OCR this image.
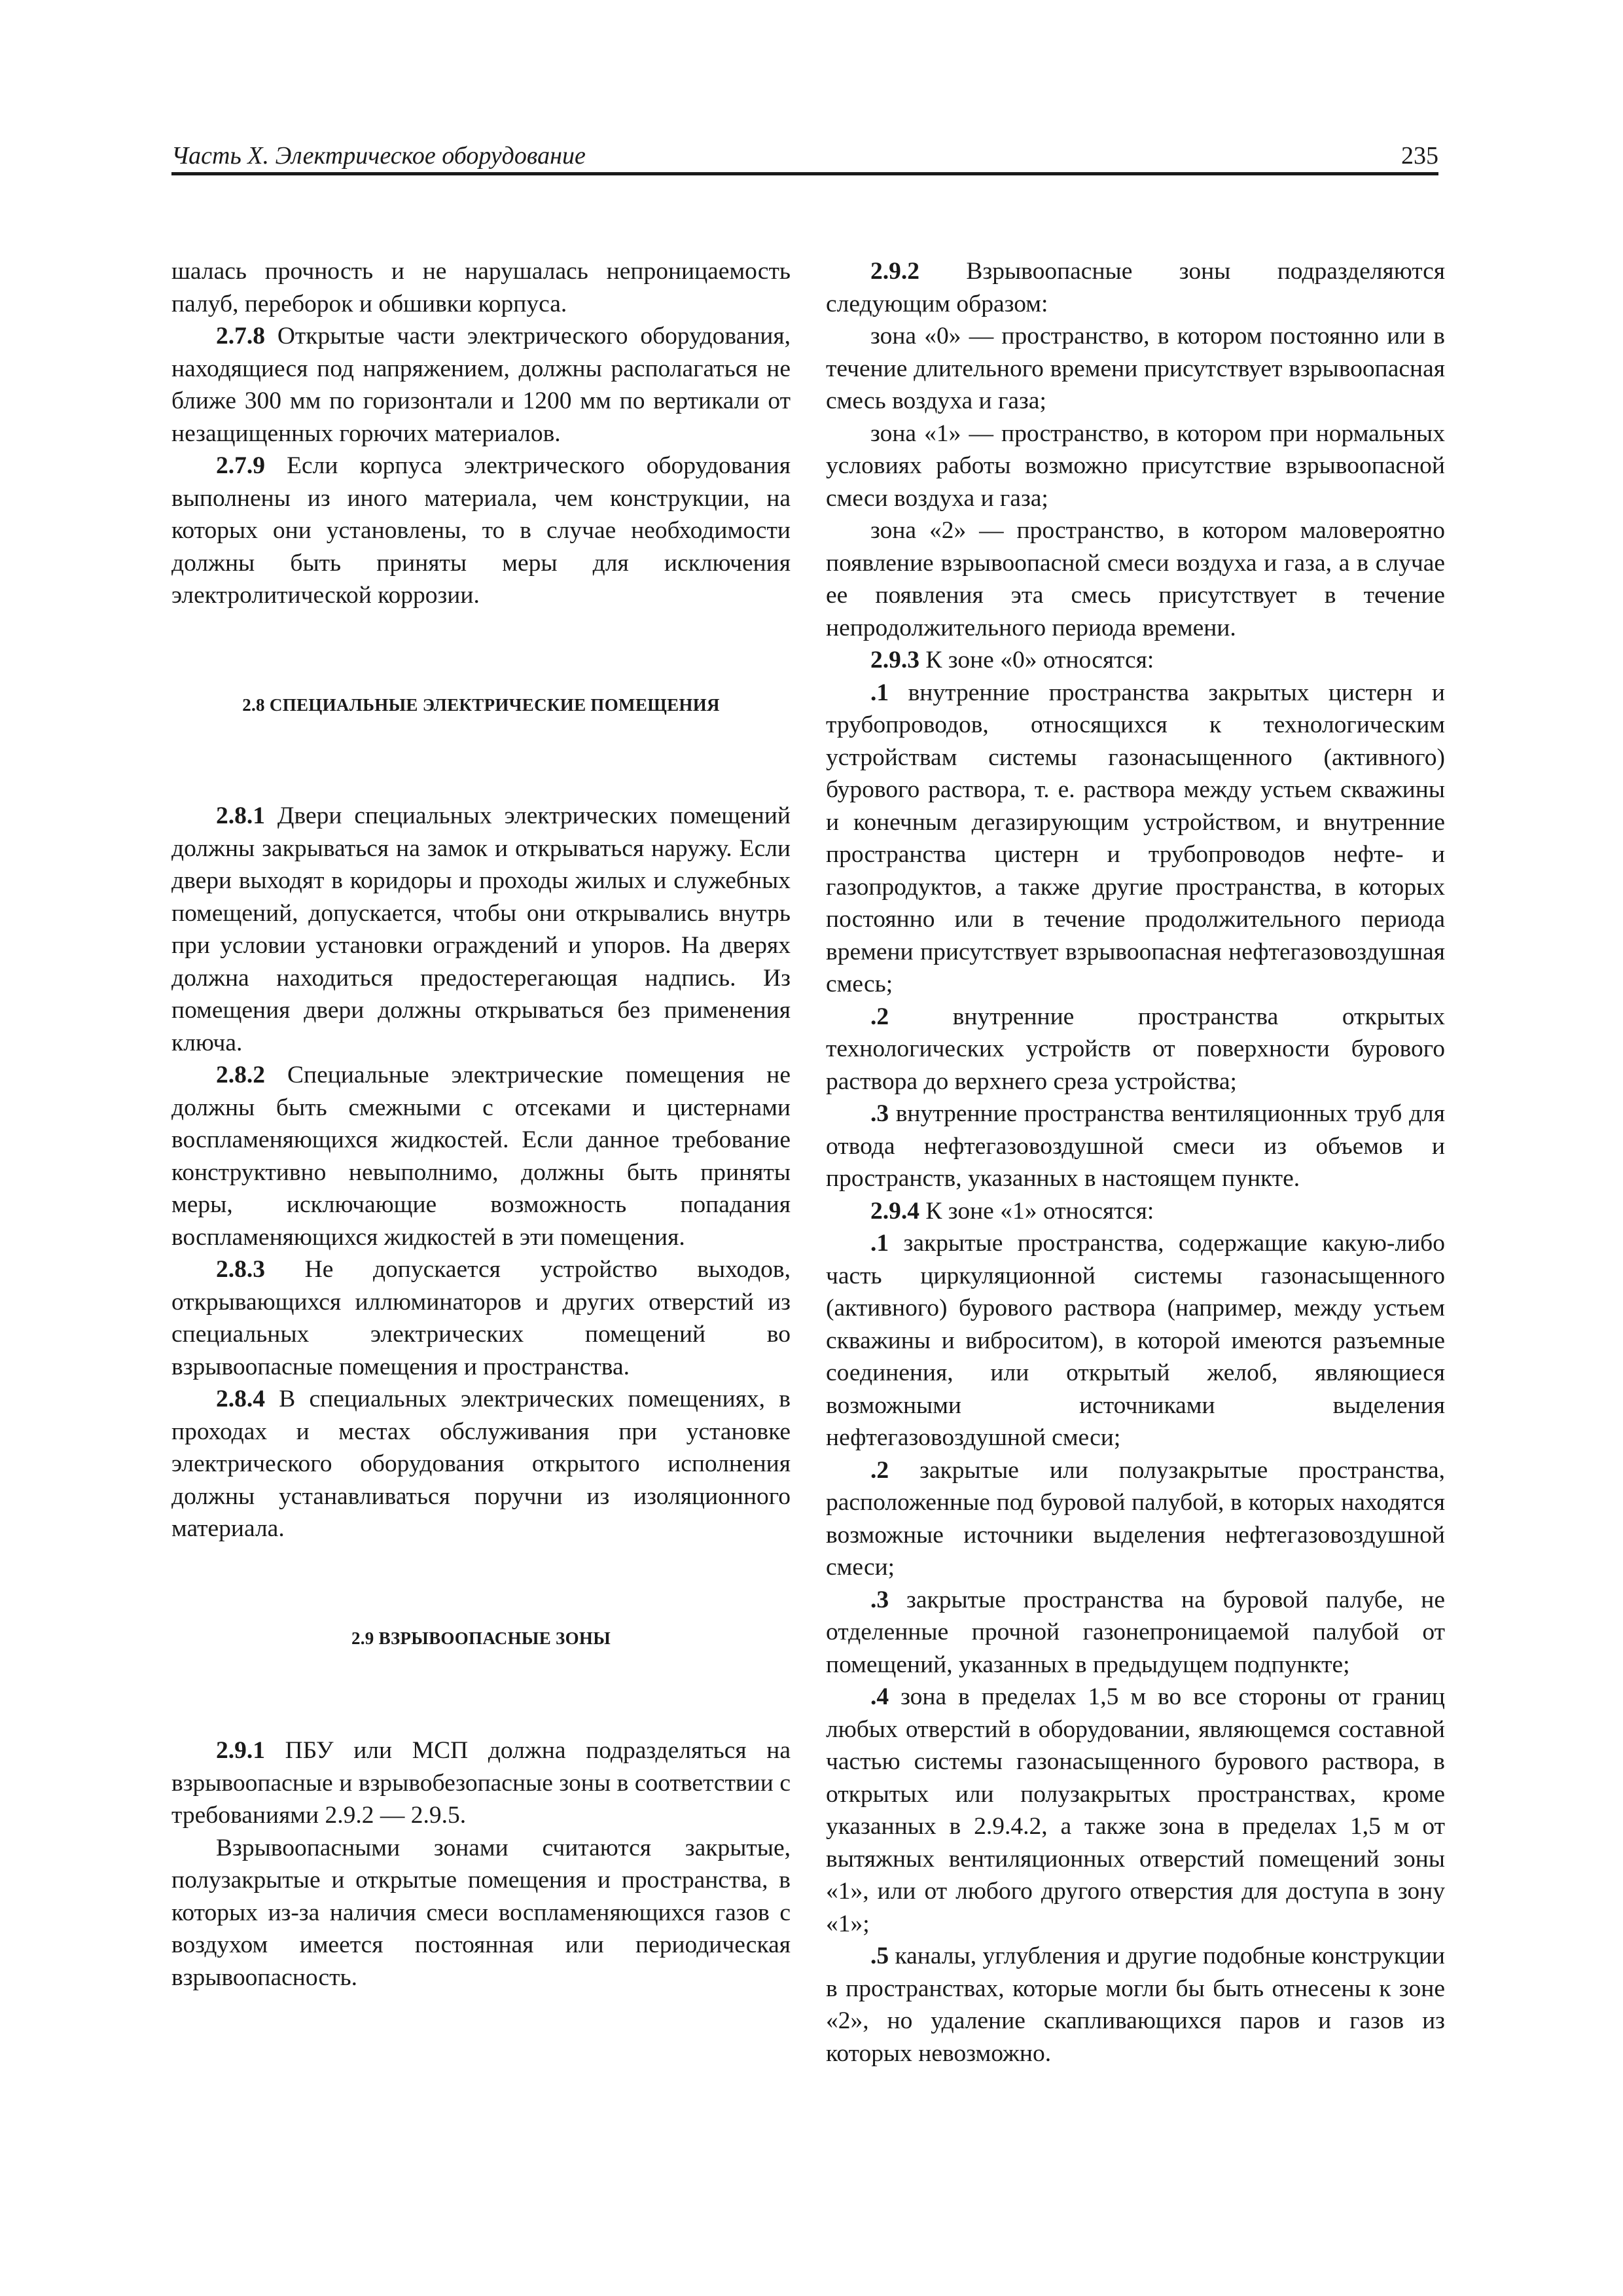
Часть Х. Электрическое оборудование	235

шалась прочность и не нарушалась непроницаемость палуб, переборок и обшивки корпуса.

2.7.8 Открытые части электрического оборудования, находящиеся под напряжением, должны располагаться не ближе 300 мм по горизонтали и 1200 мм по вертикали от незащищенных горючих материалов.

2.7.9 Если корпуса электрического оборудования выполнены из иного материала, чем конструкции, на которых они установлены, то в случае необходимости должны быть приняты меры для исключения электролитической коррозии.

2.8 СПЕЦИАЛЬНЫЕ ЭЛЕКТРИЧЕСКИЕ ПОМЕЩЕНИЯ

2.8.1 Двери специальных электрических помещений должны закрываться на замок и открываться наружу. Если двери выходят в коридоры и проходы жилых и служебных помещений, допускается, чтобы они открывались внутрь при условии установки ограждений и упоров. На дверях должна находиться предостерегающая надпись. Из помещения двери должны открываться без применения ключа.

2.8.2 Специальные электрические помещения не должны быть смежными с отсеками и цистернами воспламеняющихся жидкостей. Если данное требование конструктивно невыполнимо, должны быть приняты меры, исключающие возможность попадания воспламеняющихся жидкостей в эти помещения.

2.8.3 Не допускается устройство выходов, открывающихся иллюминаторов и других отверстий из специальных электрических помещений во взрывоопасные помещения и пространства.

2.8.4 В специальных электрических помещениях, в проходах и местах обслуживания при установке электрического оборудования открытого исполнения должны устанавливаться поручни из изоляционного материала.

2.9 ВЗРЫВООПАСНЫЕ ЗОНЫ

2.9.1 ПБУ или МСП должна подразделяться на взрывоопасные и взрывобезопасные зоны в соответствии с требованиями 2.9.2 — 2.9.5.

Взрывоопасными зонами считаются закрытые, полузакрытые и открытые помещения и пространства, в которых из-за наличия смеси воспламеняющихся газов с воздухом имеется постоянная или периодическая взрывоопасность.

2.9.2 Взрывоопасные зоны подразделяются следующим образом:

зона «0» — пространство, в котором постоянно или в течение длительного времени присутствует взрывоопасная смесь воздуха и газа;

зона «1» — пространство, в котором при нормальных условиях работы возможно присутствие взрывоопасной смеси воздуха и газа;

зона «2» — пространство, в котором маловероятно появление взрывоопасной смеси воздуха и газа, а в случае ее появления эта смесь присутствует в течение непродолжительного периода времени.

2.9.3 К зоне «0» относятся:

.1 внутренние пространства закрытых цистерн и трубопроводов, относящихся к технологическим устройствам системы газонасыщенного (активного) бурового раствора, т. е. раствора между устьем скважины и конечным дегазирующим устройством, и внутренние пространства цистерн и трубопроводов нефте- и газопродуктов, а также другие пространства, в которых постоянно или в течение продолжительного периода времени присутствует взрывоопасная нефтегазовоздушная смесь;

.2 внутренние пространства открытых технологических устройств от поверхности бурового раствора до верхнего среза устройства;

.3 внутренние пространства вентиляционных труб для отвода нефтегазовоздушной смеси из объемов и пространств, указанных в настоящем пункте.

2.9.4 К зоне «1» относятся:

.1 закрытые пространства, содержащие какую-либо часть циркуляционной системы газонасыщенного (активного) бурового раствора (например, между устьем скважины и виброситом), в которой имеются разъемные соединения, или открытый желоб, являющиеся возможными источниками выделения нефтегазовоздушной смеси;

.2 закрытые или полузакрытые пространства, расположенные под буровой палубой, в которых находятся возможные источники выделения нефтегазовоздушной смеси;

.3 закрытые пространства на буровой палубе, не отделенные прочной газонепроницаемой палубой от помещений, указанных в предыдущем подпункте;

.4 зона в пределах 1,5 м во все стороны от границ любых отверстий в оборудовании, являющемся составной частью системы газонасыщенного бурового раствора, в открытых или полузакрытых пространствах, кроме указанных в 2.9.4.2, а также зона в пределах 1,5 м от вытяжных вентиляционных отверстий помещений зоны «1», или от любого другого отверстия для доступа в зону «1»;

.5 каналы, углубления и другие подобные конструкции в пространствах, которые могли бы быть отнесены к зоне «2», но удаление скапливающихся паров и газов из которых невозможно.
